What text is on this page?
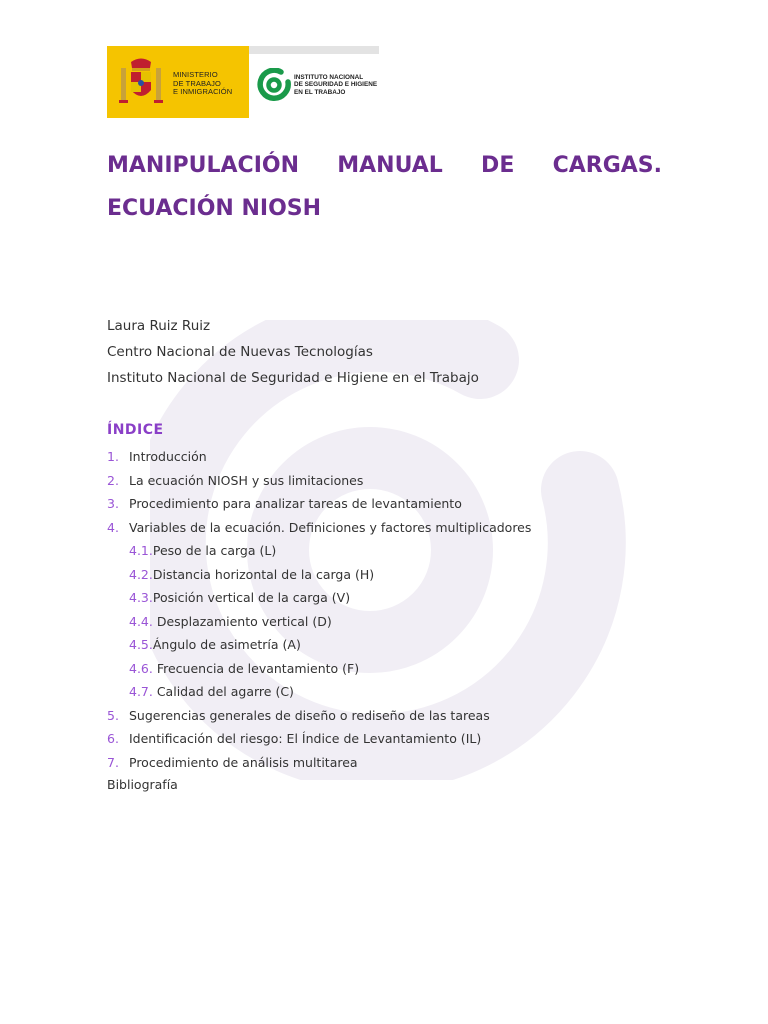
MINISTERIO
DE TRABAJO
E INMIGRACIÓN
INSTITUTO NACIONAL
DE SEGURIDAD E HIGIENE
EN EL TRABAJO
MANIPULACIÓN MANUAL DE CARGAS. ECUACIÓN NIOSH
Laura Ruiz Ruiz
Centro Nacional de Nuevas Tecnologías
Instituto Nacional de Seguridad e Higiene en el Trabajo
ÍNDICE
1. Introducción
2. La ecuación NIOSH y sus limitaciones
3. Procedimiento para analizar tareas de levantamiento
4. Variables de la ecuación. Definiciones y factores multiplicadores
4.1.Peso de la carga (L)
4.2.Distancia horizontal de la carga (H)
4.3.Posición vertical de la carga (V)
4.4. Desplazamiento vertical (D)
4.5.Ángulo de asimetría (A)
4.6. Frecuencia de levantamiento (F)
4.7. Calidad del agarre (C)
5. Sugerencias generales de diseño o rediseño de las tareas
6. Identificación del riesgo: El Índice de Levantamiento (IL)
7. Procedimiento de análisis multitarea
Bibliografía
